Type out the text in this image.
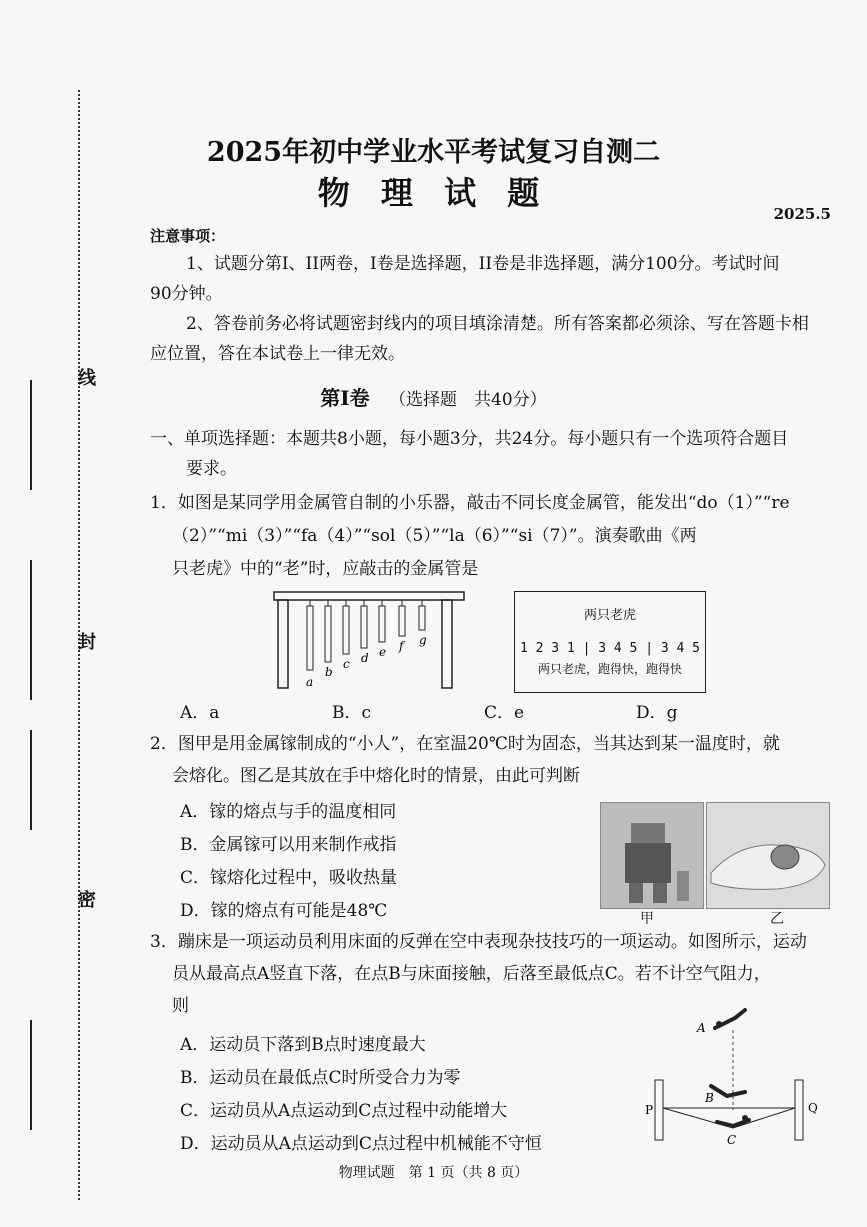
线
封
密
2025年初中学业水平考试复习自测二
物 理 试 题
2025.5
注意事项：
1、试题分第I、II两卷，I卷是选择题，II卷是非选择题，满分100分。考试时间
90分钟。
2、答卷前务必将试题密封线内的项目填涂清楚。所有答案都必须涂、写在答题卡相
应位置，答在本试卷上一律无效。
第I卷 （选择题　共40分）
一、单项选择题：本题共8小题，每小题3分，共24分。每小题只有一个选项符合题目
要求。
1．如图是某同学用金属管自制的小乐器，敲击不同长度金属管，能发出“do（1）”“re
（2）”“mi（3）”“fa（4）”“sol（5）”“la（6）”“si（7）”。演奏歌曲《两
只老虎》中的“老”时，应敲击的金属管是
a
b
c d e f g
两只老虎
1 2 3 1 | 3 4 5 | 3 4 5
两只老虎，跑得快，跑得快
A．a	B．c	C．e	D．g
2．图甲是用金属镓制成的“小人”，在室温20℃时为固态，当其达到某一温度时，就
会熔化。图乙是其放在手中熔化时的情景，由此可判断
A．镓的熔点与手的温度相同
B．金属镓可以用来制作戒指
C．镓熔化过程中，吸收热量
D．镓的熔点有可能是48℃	甲	乙
3．蹦床是一项运动员利用床面的反弹在空中表现杂技技巧的一项运动。如图所示，运动
员从最高点A竖直下落，在点B与床面接触，后落至最低点C。若不计空气阻力，
则
A．运动员下落到B点时速度最大
B．运动员在最低点C时所受合力为零
C．运动员从A点运动到C点过程中动能增大
D．运动员从A点运动到C点过程中机械能不守恒
A
B
C
P	Q
物理试题　第 1 页（共 8 页）
